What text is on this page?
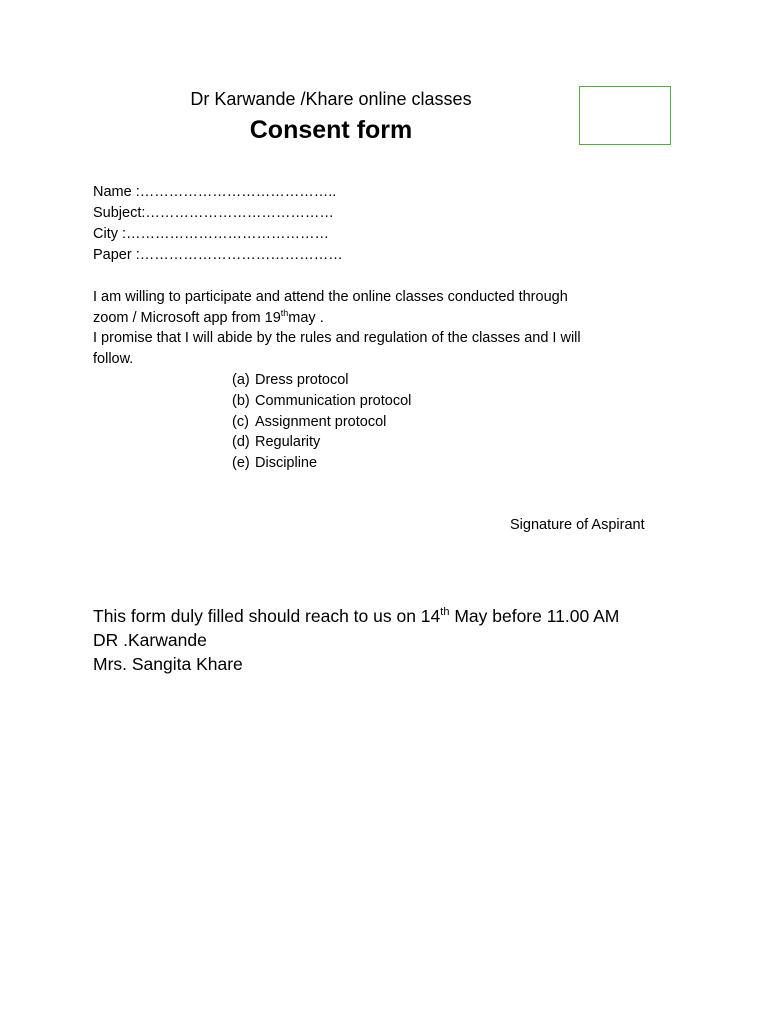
Dr Karwande /Khare online classes
Consent form
Name :…………………………………..
Subject:…………………………………
City :……………………………………
Paper :……………………………………
I am willing to participate and attend the online classes conducted through
zoom / Microsoft app from 19thmay .
I promise that I will abide by the rules and regulation of the classes and I will
follow.
(a) Dress protocol
(b) Communication protocol
(c) Assignment protocol
(d) Regularity
(e) Discipline
Signature of Aspirant
This form duly filled should reach to us on 14th May before 11.00 AM
DR .Karwande
Mrs. Sangita Khare
